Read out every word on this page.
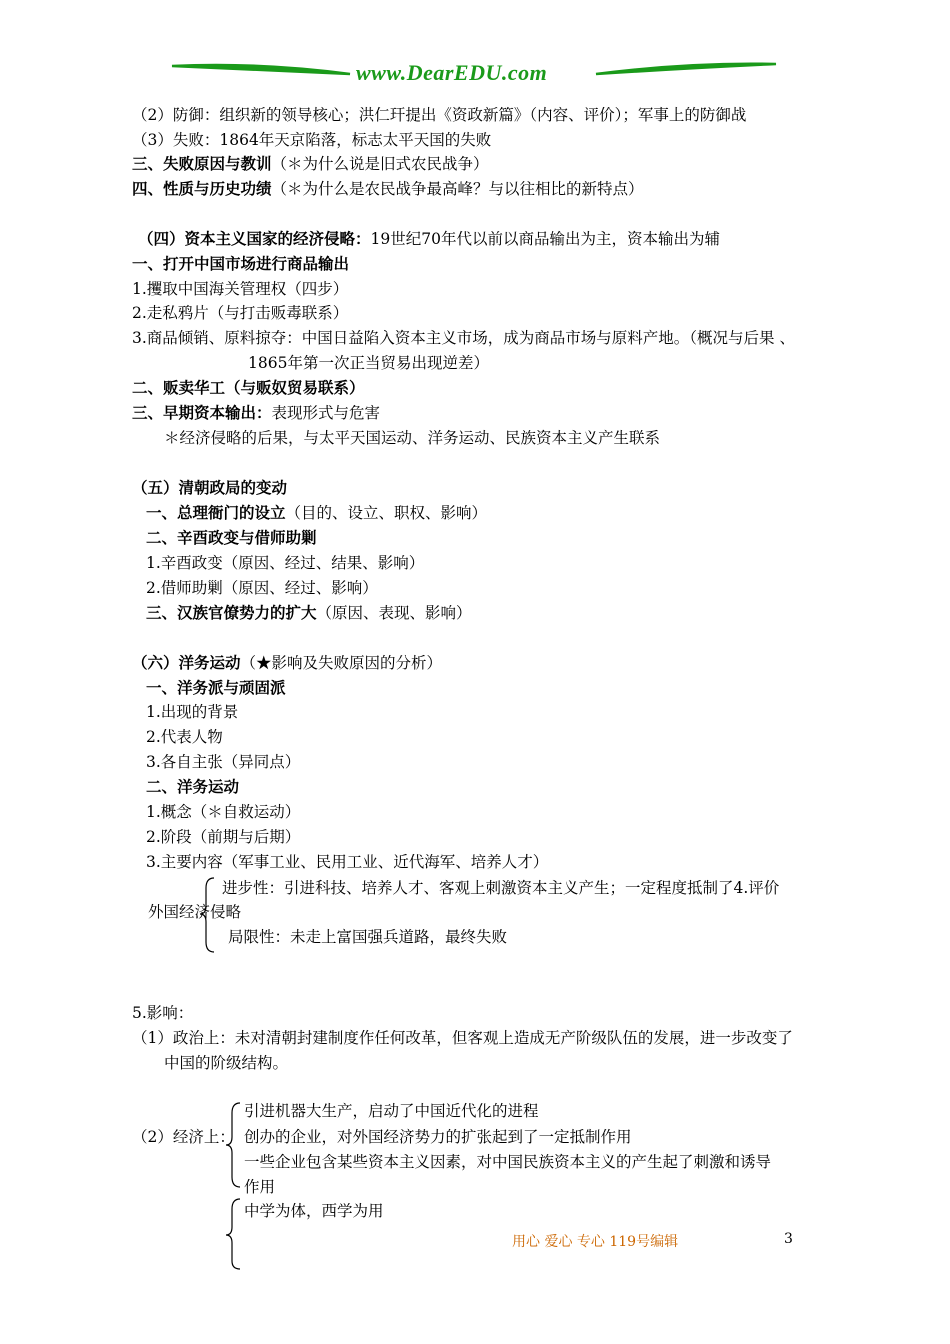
www.DearEDU.com
（2）防御：组织新的领导核心；洪仁玕提出《资政新篇》（内容、评价）；军事上的防御战
（3）失败：1864年天京陷落，标志太平天国的失败
三、失败原因与教训（＊为什么说是旧式农民战争）
四、性质与历史功绩（＊为什么是农民战争最高峰？与以往相比的新特点）
（四）资本主义国家的经济侵略：19世纪70年代以前以商品输出为主，资本输出为辅
一、打开中国市场进行商品输出
1.攫取中国海关管理权（四步）
2.走私鸦片（与打击贩毒联系）
3.商品倾销、原料掠夺：中国日益陷入资本主义市场，成为商品市场与原料产地。（概况与后果 、
1865年第一次正当贸易出现逆差）
二、贩卖华工（与贩奴贸易联系）
三、早期资本输出：表现形式与危害
＊经济侵略的后果，与太平天国运动、洋务运动、民族资本主义产生联系
（五）清朝政局的变动
一、总理衙门的设立（目的、设立、职权、影响）
二、辛酉政变与借师助剿
1.辛酉政变（原因、经过、结果、影响）
2.借师助剿（原因、经过、影响）
三、汉族官僚势力的扩大（原因、表现、影响）
（六）洋务运动（★影响及失败原因的分析）
一、洋务派与顽固派
1.出现的背景
2.代表人物
3.各自主张（异同点）
二、洋务运动
1.概念（＊自救运动）
2.阶段（前期与后期）
3.主要内容（军事工业、民用工业、近代海军、培养人才）
进步性：引进科技、培养人才、客观上刺激资本主义产生；一定程度抵制了4.评价
外国经济侵略
局限性：未走上富国强兵道路，最终失败
5.影响：
（1）政治上：未对清朝封建制度作任何改革，但客观上造成无产阶级队伍的发展，进一步改变了
中国的阶级结构。
引进机器大生产，启动了中国近代化的进程
（2）经济上： 创办的企业，对外国经济势力的扩张起到了一定抵制作用
一些企业包含某些资本主义因素，对中国民族资本主义的产生起了刺激和诱导
作用
中学为体，西学为用
用心 爱心 专心 119号编辑	3
